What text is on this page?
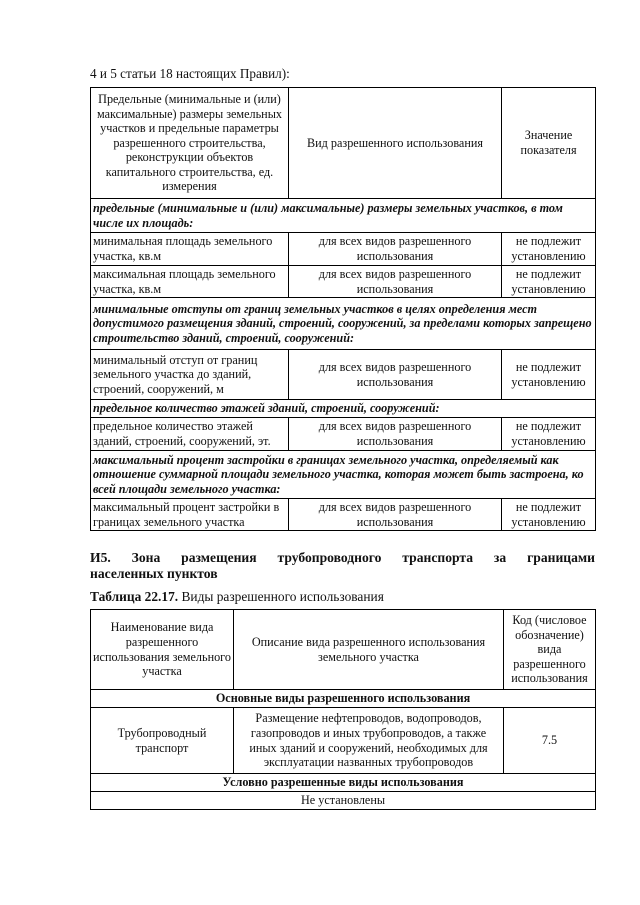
4 и 5 статьи 18 настоящих Правил):
Предельные (минимальные и (или) максимальные) размеры земельных участков и предельные параметры разрешенного строительства, реконструкции объектов капитального строительства, ед. измерения	Вид разрешенного использования	Значение показателя
предельные (минимальные и (или) максимальные) размеры земельных участков, в том числе их площадь:		
минимальная площадь земельного участка, кв.м	для всех видов разрешенного использования	не подлежит установлению
максимальная площадь земельного участка, кв.м	для всех видов разрешенного использования	не подлежит установлению
минимальные отступы от границ земельных участков в целях определения мест допустимого размещения зданий, строений, сооружений, за пределами которых запрещено строительство зданий, строений, сооружений:		
минимальный отступ от границ земельного участка до зданий, строений, сооружений, м	для всех видов разрешенного использования	не подлежит установлению
предельное количество этажей зданий, строений, сооружений:		
предельное количество этажей зданий, строений, сооружений, эт.	для всех видов разрешенного использования	не подлежит установлению
максимальный процент застройки в границах земельного участка, определяемый как отношение суммарной площади земельного участка, которая может быть застроена, ко всей площади земельного участка:		
максимальный процент застройки в границах земельного участка	для всех видов разрешенного использования	не подлежит установлению
И5. Зона размещения трубопроводного транспорта за границами
населенных пунктов
Таблица 22.17. Виды разрешенного использования
Наименование вида разрешенного использования земельного участка	Описание вида разрешенного использования земельного участка	Код (числовое обозначение) вида разрешенного использования
Основные виды разрешенного использования		
Трубопроводный транспорт	Размещение нефтепроводов, водопроводов, газопроводов и иных трубопроводов, а также иных зданий и сооружений, необходимых для эксплуатации названных трубопроводов	7.5
Условно разрешенные виды использования		
Не установлены		
